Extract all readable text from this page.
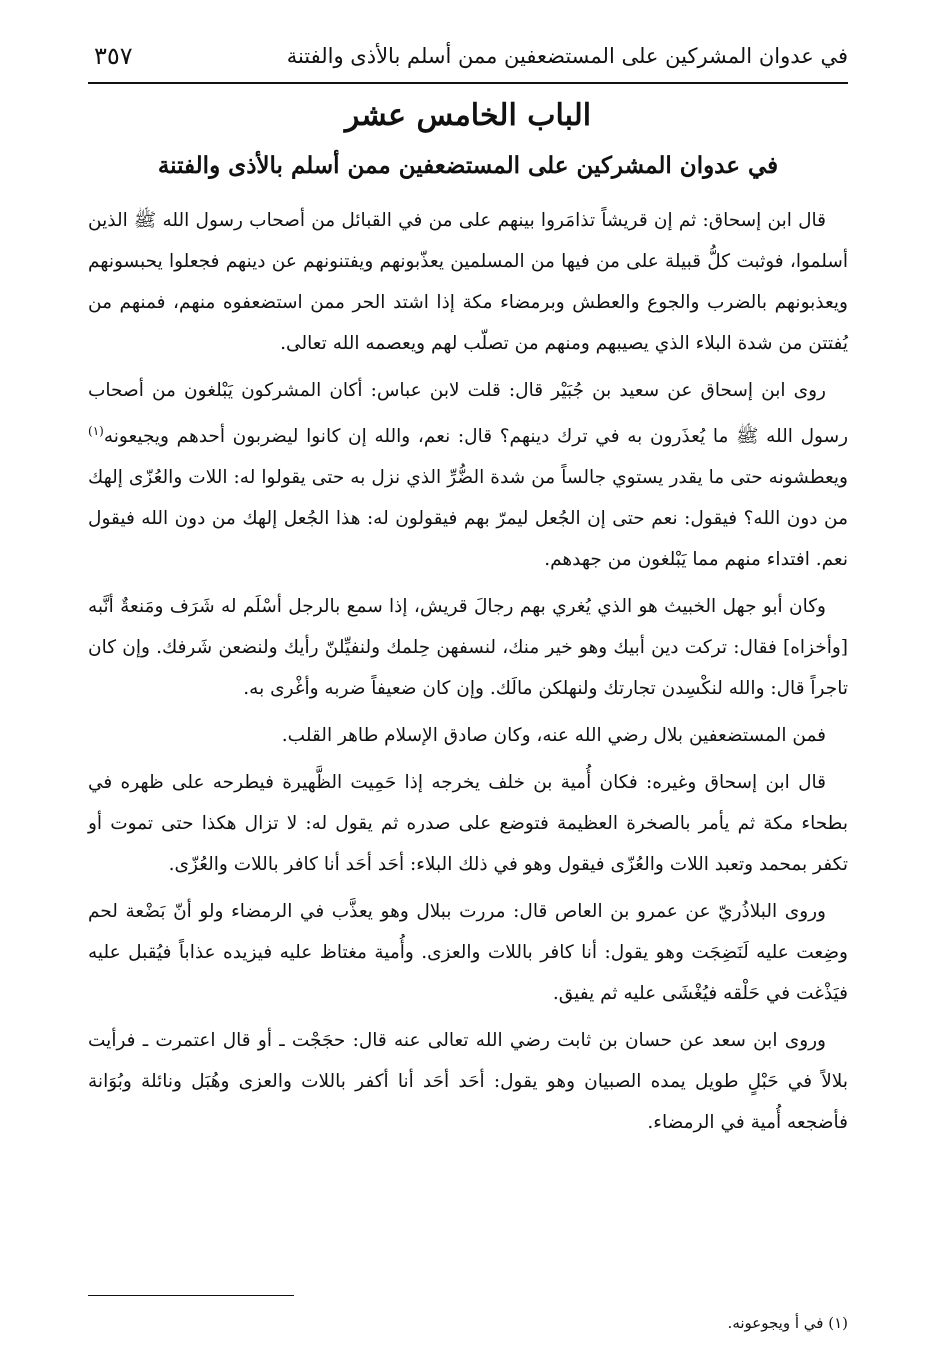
في عدوان المشركين على المستضعفين ممن أسلم بالأذى والفتنة
٣٥٧
الباب الخامس عشر
في عدوان المشركين على المستضعفين ممن أسلم بالأذى والفتنة

قال ابن إسحاق: ثم إن قريشاً تذامَروا بينهم على من في القبائل من أصحاب رسول الله ﷺ الذين أسلموا، فوثبت كلُّ قبيلة على من فيها من المسلمين يعذّبونهم ويفتنونهم عن دينهم فجعلوا يحبسونهم ويعذبونهم بالضرب والجوع والعطش وبرمضاء مكة إذا اشتد الحر ممن استضعفوه منهم، فمنهم من يُفتتن من شدة البلاء الذي يصيبهم ومنهم من تصلّب لهم ويعصمه الله تعالى.

روى ابن إسحاق عن سعيد بن جُبَيْر قال: قلت لابن عباس: أكان المشركون يَبْلغون من أصحاب رسول الله ﷺ ما يُعذَرون به في ترك دينهم؟ قال: نعم، والله إن كانوا ليضربون أحدهم ويجيعونه$^{(١)}$ ويعطشونه حتى ما يقدر يستوي جالساً من شدة الضُّرِّ الذي نزل به حتى يقولوا له: اللات والعُزّى إلهك من دون الله؟ فيقول: نعم حتى إن الجُعل ليمرّ بهم فيقولون له: هذا الجُعل إلهك من دون الله فيقول نعم. افتداء منهم مما يَبْلغون من جهدهم.

وكان أبو جهل الخبيث هو الذي يُغري بهم رجالَ قريش، إذا سمع بالرجل أسْلَم له شَرَف ومَنعةٌ أنَّبه [وأخزاه] فقال: تركت دين أبيك وهو خير منك، لنسفهن حِلمك ولنفيِّلنّ رأيك ولنضعن شَرفك. وإن كان تاجراً قال: والله لنكْسِدن تجارتك ولنهلكن مالَك. وإن كان ضعيفاً ضربه وأغْرى به.

فمن المستضعفين بلال رضي الله عنه، وكان صادق الإسلام طاهر القلب.

قال ابن إسحاق وغيره: فكان أُمية بن خلف يخرجه إذا حَمِيت الظَّهيرة فيطرحه على ظهره في بطحاء مكة ثم يأمر بالصخرة العظيمة فتوضع على صدره ثم يقول له: لا تزال هكذا حتى تموت أو تكفر بمحمد وتعبد اللات والعُزّى فيقول وهو في ذلك البلاء: أحَد أحَد أنا كافر باللات والعُزّى.

وروى البلاذُريّ عن عمرو بن العاص قال: مررت ببلال وهو يعذَّب في الرمضاء ولو أنّ بَضْعة لحم وضِعت عليه لَنَضِجَت وهو يقول: أنا كافر باللات والعزى. وأُمية مغتاظ عليه فيزيده عذاباً فيُقبل عليه فيَذْغت في حَلْقه فيُغْشَى عليه ثم يفيق.

وروى ابن سعد عن حسان بن ثابت رضي الله تعالى عنه قال: حجَجْت ـ أو قال اعتمرت ـ فرأيت بلالاً في حَبْلٍ طويل يمده الصبيان وهو يقول: أحَد أحَد أنا أكفر باللات والعزى وهُبَل ونائلة وبُوَانة فأضجعه أُمية في الرمضاء.

(١) في أ ويجوعونه.
